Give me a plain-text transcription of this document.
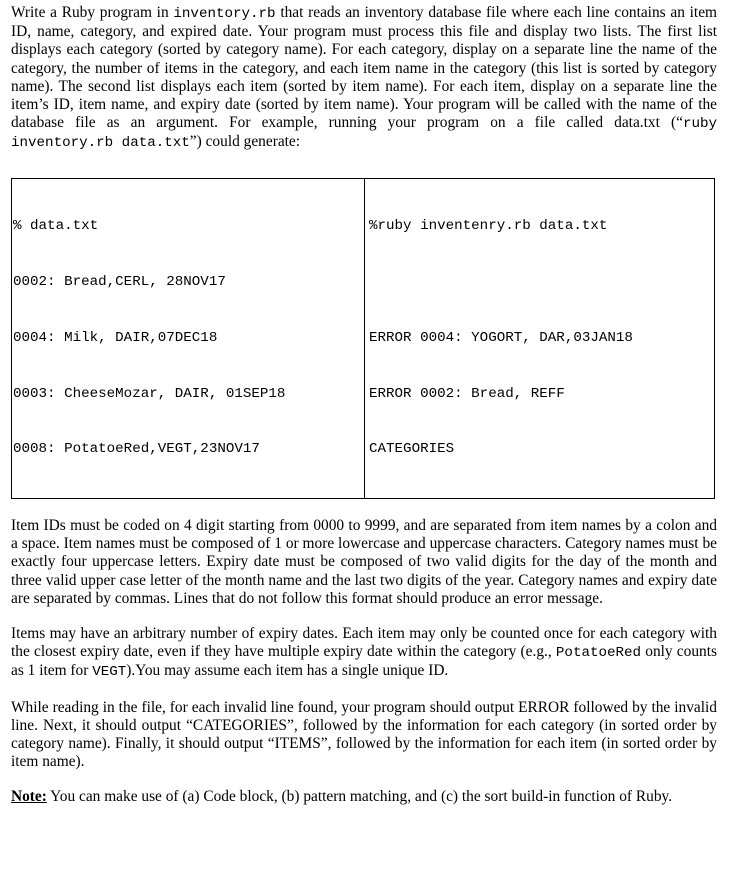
Write a Ruby program in inventory.rb that reads an inventory database file where each line contains an item ID, name, category, and expired date. Your program must process this file and display two lists. The first list displays each category (sorted by category name). For each category, display on a separate line the name of the category, the number of items in the category, and each item name in the category (this list is sorted by category name). The second list displays each item (sorted by item name). For each item, display on a separate line the item’s ID, item name, and expiry date (sorted by item name). Your program will be called with the name of the database file as an argument. For example, running your program on a file called data.txt (“ruby inventory.rb data.txt”) could generate:

% data.txt

0002: Bread,CERL, 28NOV17

0004: Milk, DAIR,07DEC18

0003: CheeseMozar, DAIR, 01SEP18

0008: PotatoeRed,VEGT,23NOV17

%ruby inventenry.rb data.txt

ERROR 0004: YOGORT, DAR,03JAN18

ERROR 0002: Bread, REFF

CATEGORIES

Item IDs must be coded on 4 digit starting from 0000 to 9999, and are separated from item names by a colon and a space. Item names must be composed of 1 or more lowercase and uppercase characters. Category names must be exactly four uppercase letters. Expiry date must be composed of two valid digits for the day of the month and three valid upper case letter of the month name and the last two digits of the year. Category names and expiry date are separated by commas. Lines that do not follow this format should produce an error message.

Items may have an arbitrary number of expiry dates. Each item may only be counted once for each category with the closest expiry date, even if they have multiple expiry date within the category (e.g., PotatoeRed only counts as 1 item for VEGT).You may assume each item has a single unique ID.

While reading in the file, for each invalid line found, your program should output ERROR followed by the invalid line. Next, it should output “CATEGORIES”, followed by the information for each category (in sorted order by category name). Finally, it should output “ITEMS”, followed by the information for each item (in sorted order by item name).

Note: You can make use of (a) Code block, (b) pattern matching, and (c) the sort build-in function of Ruby.
